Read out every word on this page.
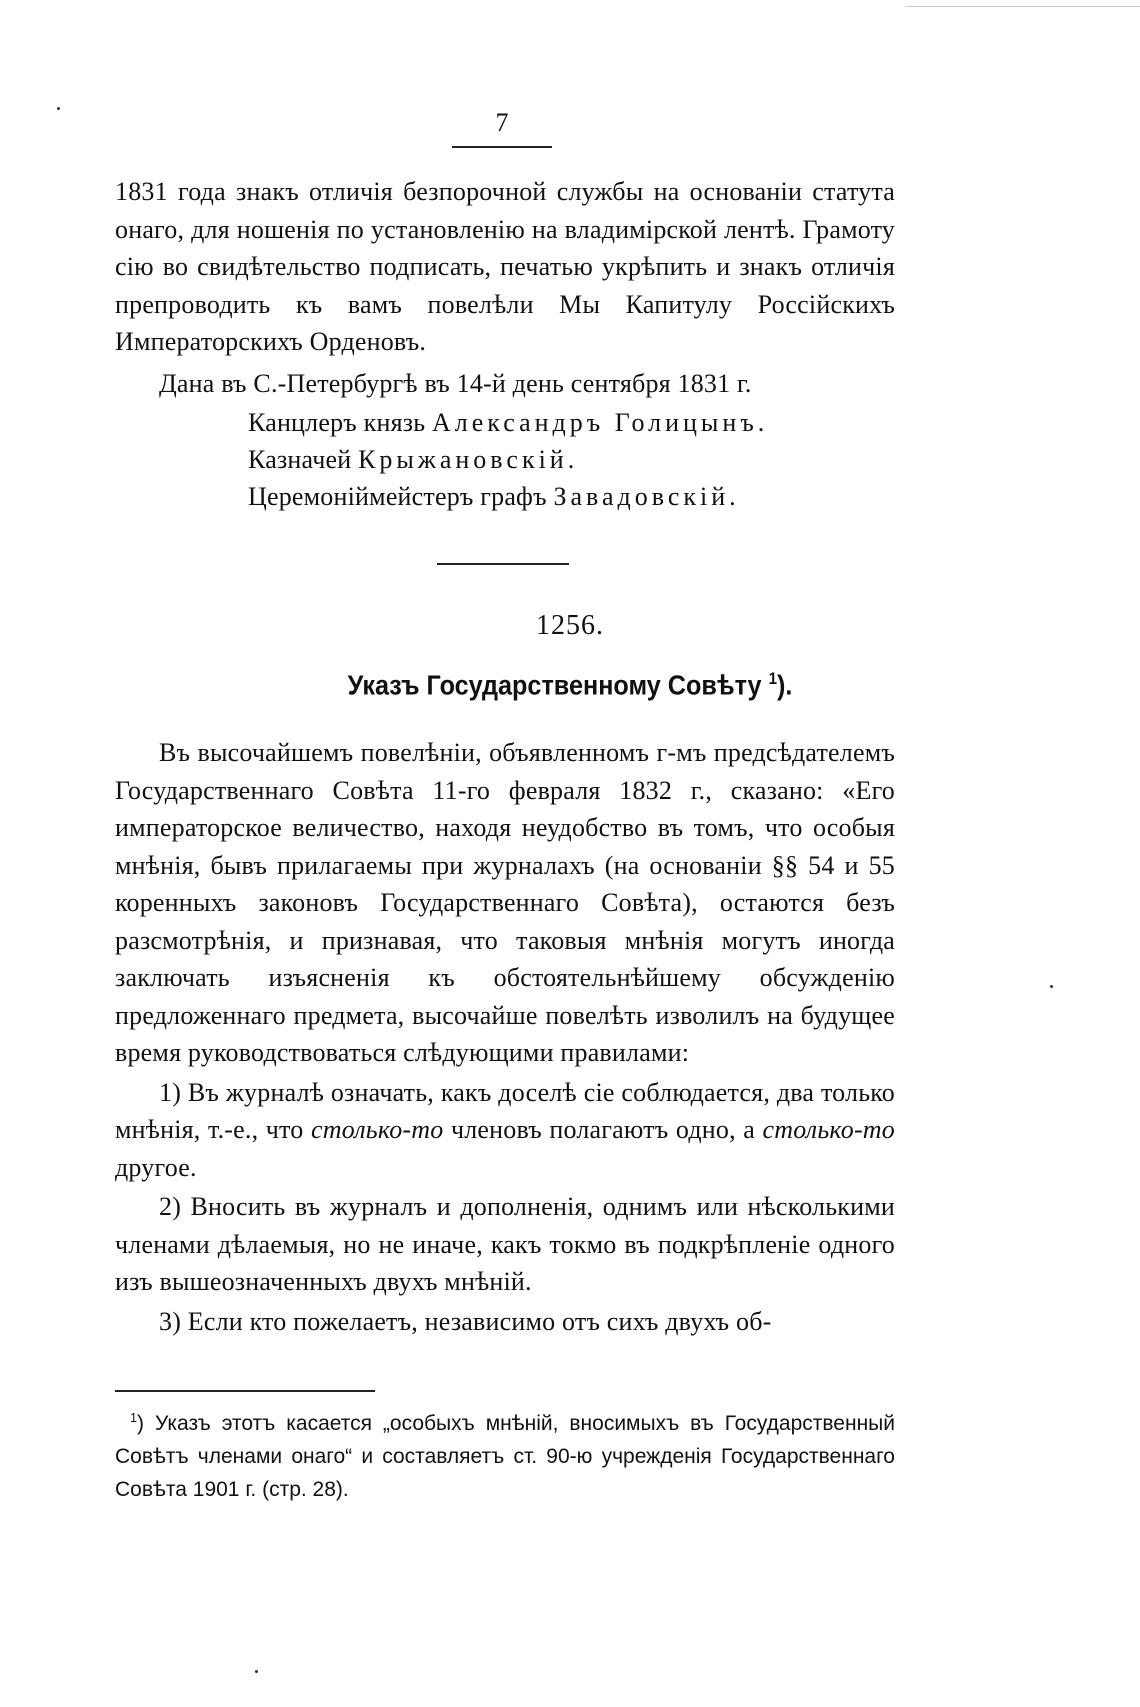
7

1831 года знакъ отличія безпорочной службы на основаніи статута онаго, для ношенія по установленію на владимірской лентѣ. Грамоту сію во свидѣтельство подписать, печатью укрѣпить и знакъ отличія препроводить къ вамъ повелѣли Мы Капитулу Россійскихъ Императорскихъ Орденовъ.

Дана въ С.-Петербургѣ въ 14-й день сентября 1831 г.
Канцлеръ князь Александръ Голицынъ.
Казначей Крыжановскій.
Церемоніймейстеръ графъ Завадовскій.
1256.
Указъ Государственному Совѣту $^1$).

Въ высочайшемъ повелѣніи, объявленномъ г-мъ предсѣдателемъ Государственнаго Совѣта 11-го февраля 1832 г., сказано: «Его императорское величество, находя неудобство въ томъ, что особыя мнѣнія, бывъ прилагаемы при журналахъ (на основаніи §§ 54 и 55 коренныхъ законовъ Государственнаго Совѣта), остаются безъ разсмотрѣнія, и признавая, что таковыя мнѣнія могутъ иногда заключать изъясненія къ обстоятельнѣйшему обсужденію предложеннаго предмета, высочайше повелѣть изволилъ на будущее время руководствоваться слѣдующими правилами:

1) Въ журналѣ означать, какъ доселѣ сіе соблюдается, два только мнѣнія, т.-е., что столько-то членовъ полагаютъ одно, а столько-то другое.

2) Вносить въ журналъ и дополненія, однимъ или нѣсколькими членами дѣлаемыя, но не иначе, какъ токмо въ подкрѣпленіе одного изъ вышеозначенныхъ двухъ мнѣній.

3) Если кто пожелаетъ, независимо отъ сихъ двухъ об-

$^1$) Указъ этотъ касается „особыхъ мнѣній, вносимыхъ въ Государственный Совѣтъ членами онаго“ и составляетъ ст. 90-ю учрежденія Государственнаго Совѣта 1901 г. (стр. 28).
